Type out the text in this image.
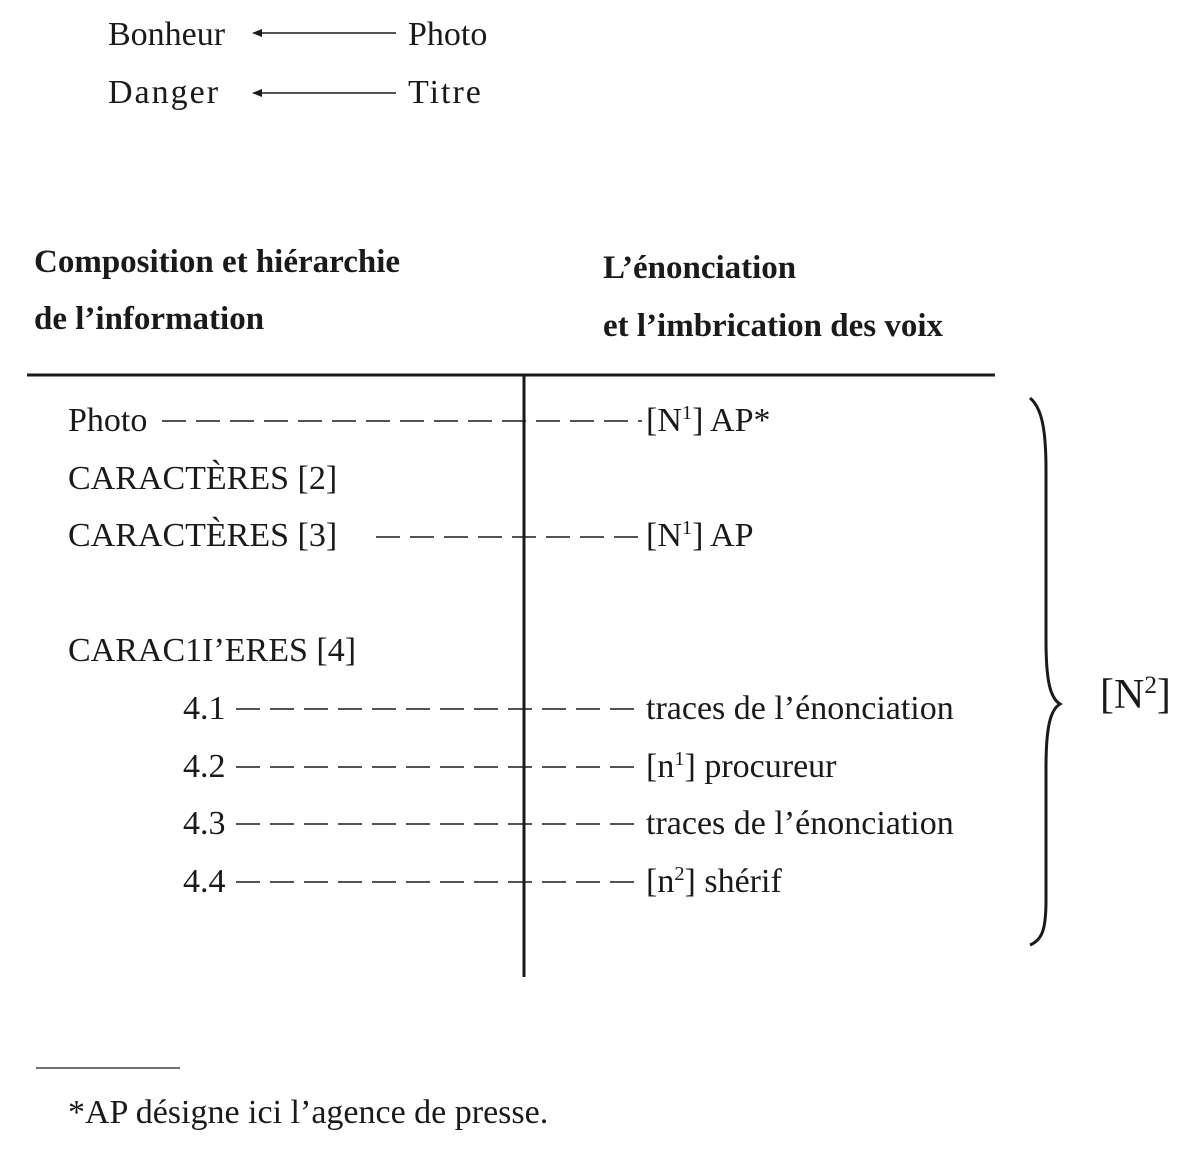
Bonheur	Photo
Danger	Titre
Composition et hiérarchie
de l’information
L’énonciation
et l’imbrication des voix
Photo
CARACTÈRES [2]
CARACTÈRES [3]
CARAC1I’ERES [4]
4.1
4.2
4.3
4.4
$[N^1]$ AP*
$[N^1]$ AP
traces de l’énonciation
$[n^1]$ procureur
traces de l’énonciation
$[n^2]$ shérif
$[N^2]$
*AP désigne ici l’agence de presse.
